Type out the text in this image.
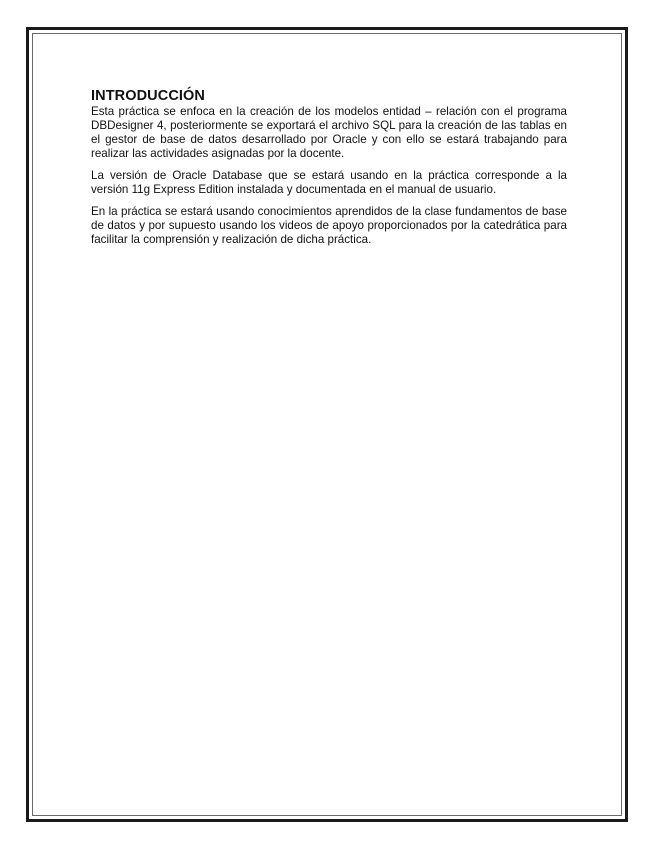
INTRODUCCIÓN

Esta práctica se enfoca en la creación de los modelos entidad – relación con el programa DBDesigner 4, posteriormente se exportará el archivo SQL para la creación de las tablas en el gestor de base de datos desarrollado por Oracle y con ello se estará trabajando para realizar las actividades asignadas por la docente.

La versión de Oracle Database que se estará usando en la práctica corresponde a la versión 11g Express Edition instalada y documentada en el manual de usuario.

En la práctica se estará usando conocimientos aprendidos de la clase fundamentos de base de datos y por supuesto usando los videos de apoyo proporcionados por la catedrática para facilitar la comprensión y realización de dicha práctica.
